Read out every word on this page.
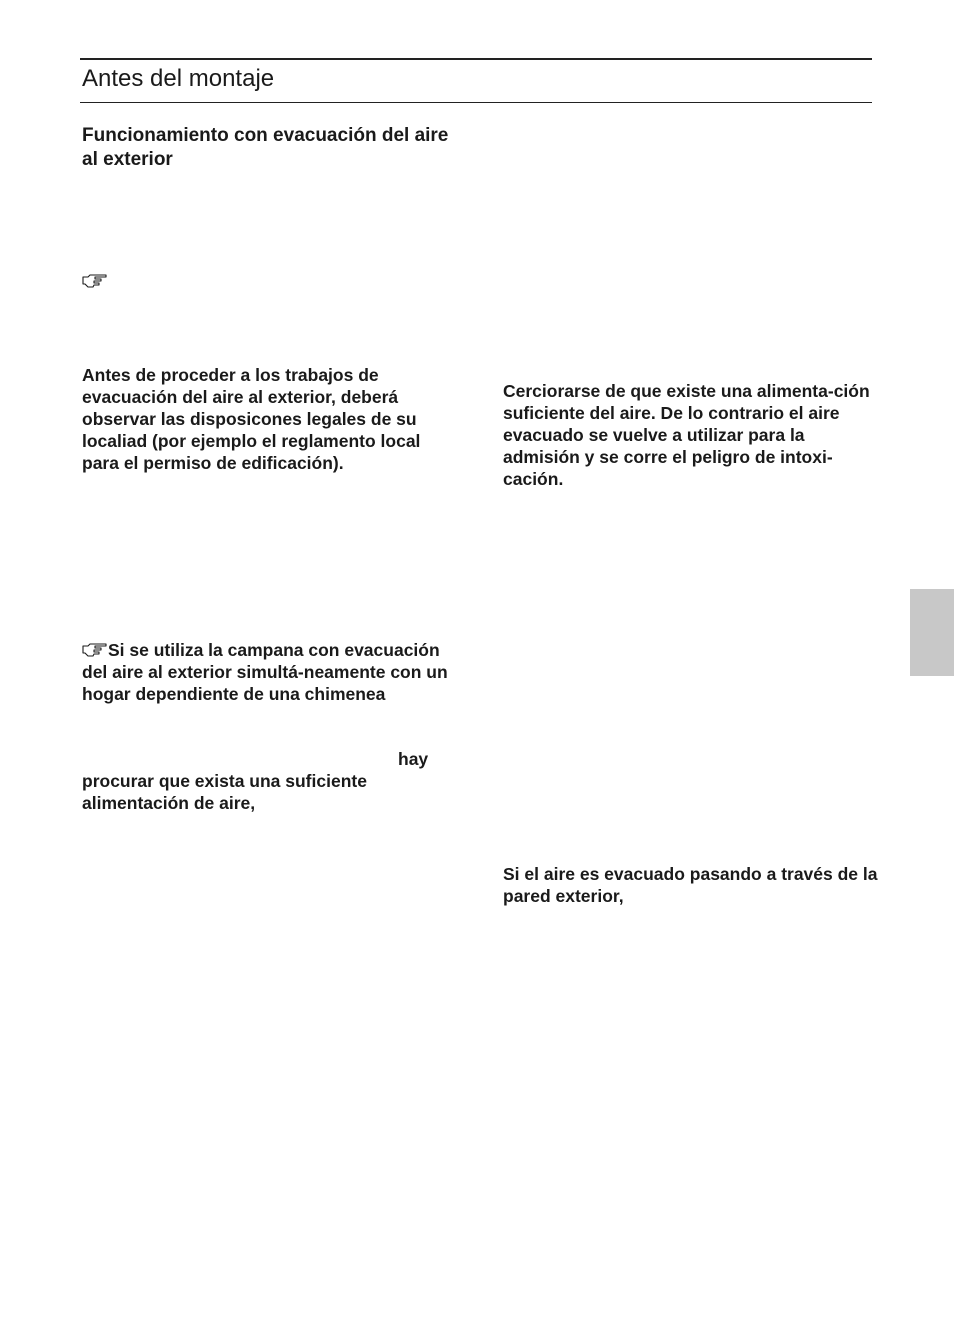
Antes del montaje
Funcionamiento con evacuación del aire al exterior

Antes de proceder a los trabajos de evacuación del aire al exterior, deberá observar las disposicones legales de su localiad (por ejemplo el reglamento local para el permiso de edificación).

Si se utiliza la campana con evacuación del aire al exterior simultá-neamente con un hogar dependiente de una chimenea

hay

procurar que exista una suficiente alimentación de aire,

Cerciorarse de que existe una alimenta-ción suficiente del aire. De lo contrario el aire evacuado se vuelve a utilizar para la admisión y se corre el peligro de intoxi-cación.

Si el aire es evacuado pasando a través de la pared exterior,
